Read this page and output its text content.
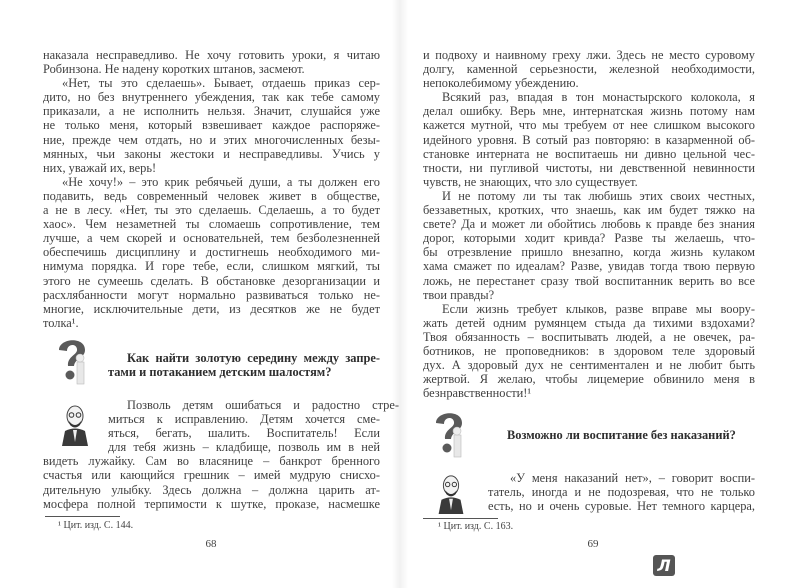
наказала несправедливо. Не хочу готовить уроки, я читаю
Робинзона. Не надену коротких штанов, засмеют.
«Нет, ты это сделаешь». Бывает, отдаешь приказ сер-
дито, но без внутреннего убеждения, так как тебе самому
приказали, а не исполнить нельзя. Значит, слушайся уже
не только меня, который взвешивает каждое распоряже-
ние, прежде чем отдать, но и этих многочисленных безы-
мянных, чьи законы жестоки и несправедливы. Учись у
них, уважай их, верь!
«Не хочу!» – это крик ребячьей души, а ты должен его
подавить, ведь современный человек живет в обществе,
а не в лесу. «Нет, ты это сделаешь. Сделаешь, а то будет
хаос». Чем незаметней ты сломаешь сопротивление, тем
лучше, а чем скорей и основательней, тем безболезненней
обеспечишь дисциплину и достигнешь необходимого ми-
нимума порядка. И горе тебе, если, слишком мягкий, ты
этого не сумеешь сделать. В обстановке дезорганизации и
расхлябанности могут нормально развиваться только не-
многие, исключительные дети, из десятков же не будет
толка¹.
Как найти золотую середину между запре-
тами и потаканием детским шалостям?
Позволь детям ошибаться и радостно стре-
миться к исправлению. Детям хочется сме-
яться, бегать, шалить. Воспитатель! Если
для тебя жизнь – кладбище, позволь им в ней
видеть лужайку. Сам во власянице – банкрот бренного
счастья или кающийся грешник – имей мудрую снисхо-
дительную улыбку. Здесь должна – должна царить ат-
мосфера полной терпимости к шутке, проказе, насмешке
¹ Цит. изд. С. 144.
68
и подвоху и наивному греху лжи. Здесь не место суровому
долгу, каменной серьезности, железной необходимости,
непоколебимому убеждению.
Всякий раз, впадая в тон монастырского колокола, я
делал ошибку. Верь мне, интернатская жизнь потому нам
кажется мутной, что мы требуем от нее слишком высокого
идейного уровня. В сотый раз повторяю: в казарменной об-
становке интерната не воспитаешь ни дивно цельной чес-
тности, ни пугливой чистоты, ни девственной невинности
чувств, не знающих, что зло существует.
И не потому ли ты так любишь этих своих честных,
беззаветных, кротких, что знаешь, как им будет тяжко на
свете? Да и может ли обойтись любовь к правде без знания
дорог, которыми ходит кривда? Разве ты желаешь, что-
бы отрезвление пришло внезапно, когда жизнь кулаком
хама смажет по идеалам? Разве, увидав тогда твою первую
ложь, не перестанет сразу твой воспитанник верить во все
твои правды?
Если жизнь требует клыков, разве вправе мы воору-
жать детей одним румянцем стыда да тихими вздохами?
Твоя обязанность – воспитывать людей, а не овечек, ра-
ботников, не проповедников: в здоровом теле здоровый
дух. А здоровый дух не сентиментален и не любит быть
жертвой. Я желаю, чтобы лицемерие обвинило меня в
безнравственности!¹
Возможно ли воспитание без наказаний?
«У меня наказаний нет», – говорит воспи-
татель, иногда и не подозревая, что не только
есть, но и очень суровые. Нет темного карцера,
¹ Цит. изд. С. 163.
69
Л
